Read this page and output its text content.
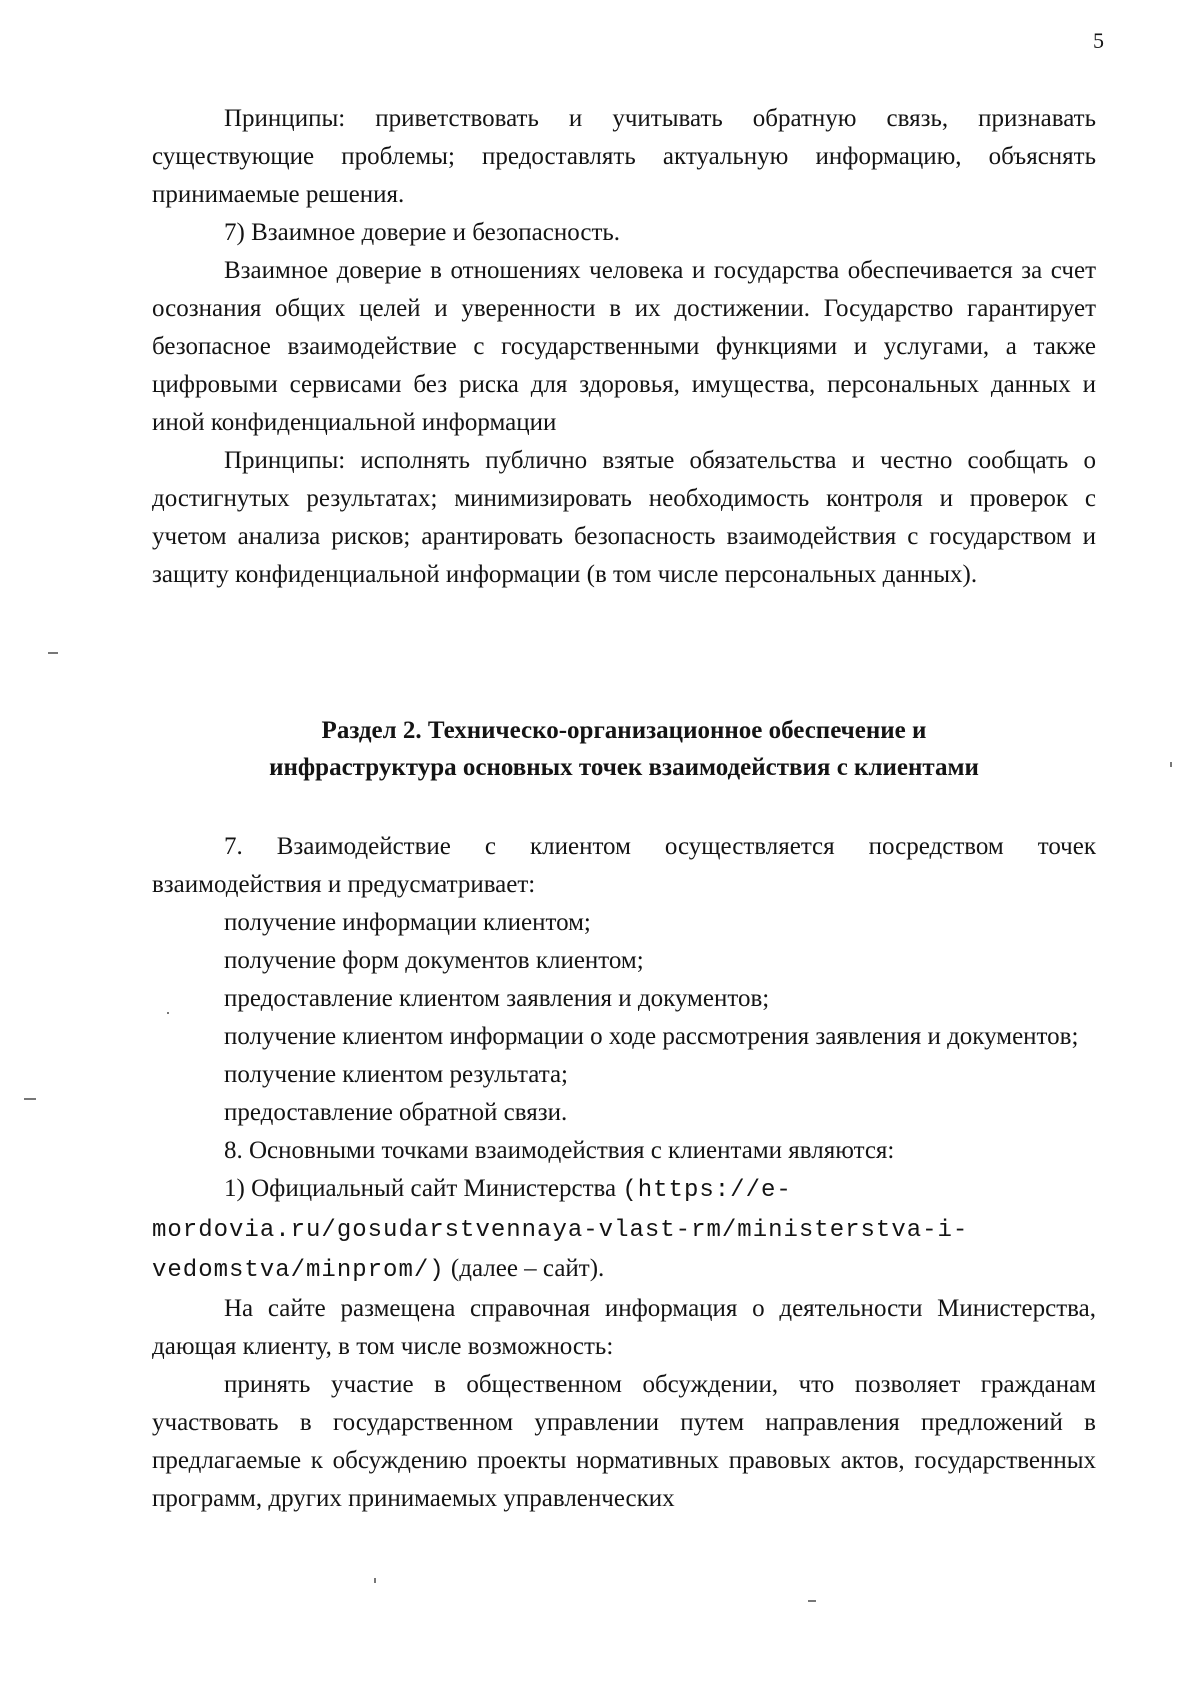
5

Принципы: приветствовать и учитывать обратную связь, признавать существующие проблемы; предоставлять актуальную информацию, объяснять принимаемые решения.

7) Взаимное доверие и безопасность.

Взаимное доверие в отношениях человека и государства обеспечивается за счет осознания общих целей и уверенности в их достижении. Государство гарантирует безопасное взаимодействие с государственными функциями и услугами, а также цифровыми сервисами без риска для здоровья, имущества, персональных данных и иной конфиденциальной информации

Принципы: исполнять публично взятые обязательства и честно сообщать о достигнутых результатах; минимизировать необходимость контроля и проверок с учетом анализа рисков; арантировать безопасность взаимодействия с государством и защиту конфиденциальной информации (в том числе персональных данных).

Раздел 2. Техническо-организационное обеспечение и
инфраструктура основных точек взаимодействия с клиентами

7. Взаимодействие с клиентом осуществляется посредством точек взаимодействия и предусматривает:

получение информации клиентом;

получение форм документов клиентом;

предоставление клиентом заявления и документов;

получение клиентом информации о ходе рассмотрения заявления и документов;

получение клиентом результата;

предоставление обратной связи.

8. Основными точками взаимодействия с клиентами являются:

1) Официальный сайт Министерства (https://e-mordovia.ru/gosudarstvennaya-vlast-rm/ministerstva-i-vedomstva/minprom/) (далее – сайт).

На сайте размещена справочная информация о деятельности Министерства, дающая клиенту, в том числе возможность:

принять участие в общественном обсуждении, что позволяет гражданам участвовать в государственном управлении путем направления предложений в предлагаемые к обсуждению проекты нормативных правовых актов, государственных программ, других принимаемых управленческих
